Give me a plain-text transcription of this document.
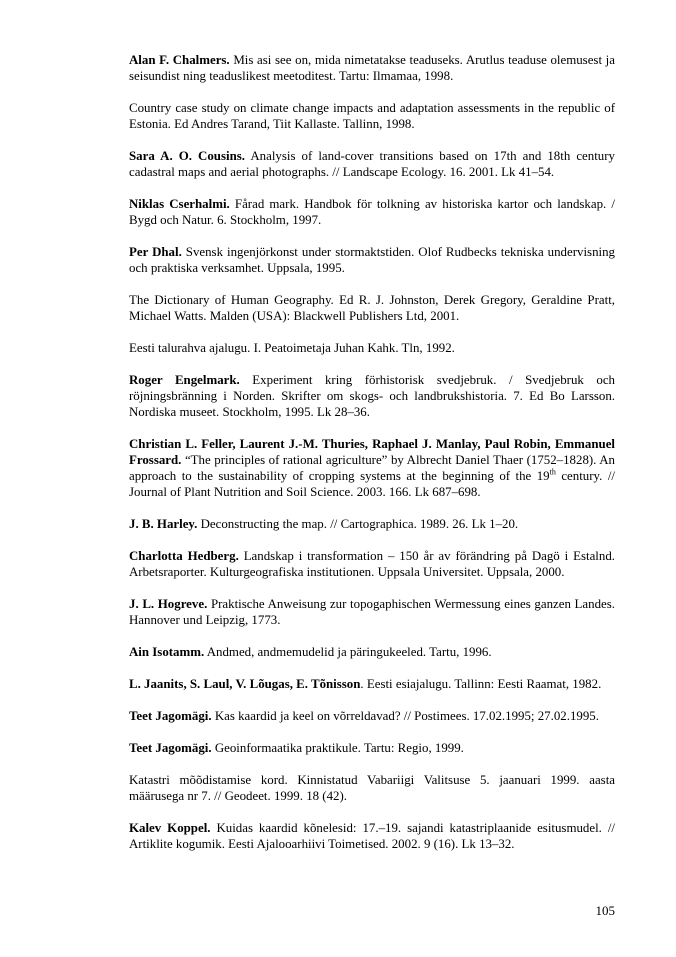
Alan F. Chalmers. Mis asi see on, mida nimetatakse teaduseks. Arutlus teaduse olemusest ja seisundist ning teaduslikest meetoditest. Tartu: Ilmamaa, 1998.

Country case study on climate change impacts and adaptation assessments in the republic of Estonia. Ed Andres Tarand, Tiit Kallaste. Tallinn, 1998.

Sara A. O. Cousins. Analysis of land-cover transitions based on 17th and 18th century cadastral maps and aerial photographs. // Landscape Ecology. 16. 2001. Lk 41–54.

Niklas Cserhalmi. Fårad mark. Handbok för tolkning av historiska kartor och landskap. / Bygd och Natur. 6. Stockholm, 1997.

Per Dhal. Svensk ingenjörkonst under stormaktstiden. Olof Rudbecks tekniska undervisning och praktiska verksamhet. Uppsala, 1995.

The Dictionary of Human Geography. Ed R. J. Johnston, Derek Gregory, Geraldine Pratt, Michael Watts. Malden (USA): Blackwell Publishers Ltd, 2001.

Eesti talurahva ajalugu. I. Peatoimetaja Juhan Kahk. Tln, 1992.

Roger Engelmark. Experiment kring förhistorisk svedjebruk. / Svedjebruk och röjningsbränning i Norden. Skrifter om skogs- och landbrukshistoria. 7. Ed Bo Larsson. Nordiska museet. Stockholm, 1995. Lk 28–36.

Christian L. Feller, Laurent J.-M. Thuries, Raphael J. Manlay, Paul Robin, Emmanuel Frossard. “The principles of rational agriculture” by Albrecht Daniel Thaer (1752–1828). An approach to the sustainability of cropping systems at the beginning of the 19th century. // Journal of Plant Nutrition and Soil Science. 2003. 166. Lk 687–698.

J. B. Harley. Deconstructing the map. // Cartographica. 1989. 26. Lk 1–20.

Charlotta Hedberg. Landskap i transformation – 150 år av förändring på Dagö i Estalnd. Arbetsraporter. Kulturgeografiska institutionen. Uppsala Universitet. Uppsala, 2000.

J. L. Hogreve. Praktische Anweisung zur topogaphischen Wermessung eines ganzen Landes. Hannover und Leipzig, 1773.

Ain Isotamm. Andmed, andmemudelid ja päringukeeled. Tartu, 1996.

L. Jaanits, S. Laul, V. Lõugas, E. Tõnisson. Eesti esiajalugu. Tallinn: Eesti Raamat, 1982.

Teet Jagomägi. Kas kaardid ja keel on võrreldavad? // Postimees. 17.02.1995; 27.02.1995.

Teet Jagomägi. Geoinformaatika praktikule. Tartu: Regio, 1999.

Katastri mõõdistamise kord. Kinnistatud Vabariigi Valitsuse 5. jaanuari 1999. aasta määrusega nr 7. // Geodeet. 1999. 18 (42).

Kalev Koppel. Kuidas kaardid kõnelesid: 17.–19. sajandi katastriplaanide esitusmudel. // Artiklite kogumik. Eesti Ajalooarhiivi Toimetised. 2002. 9 (16). Lk 13–32.

105
